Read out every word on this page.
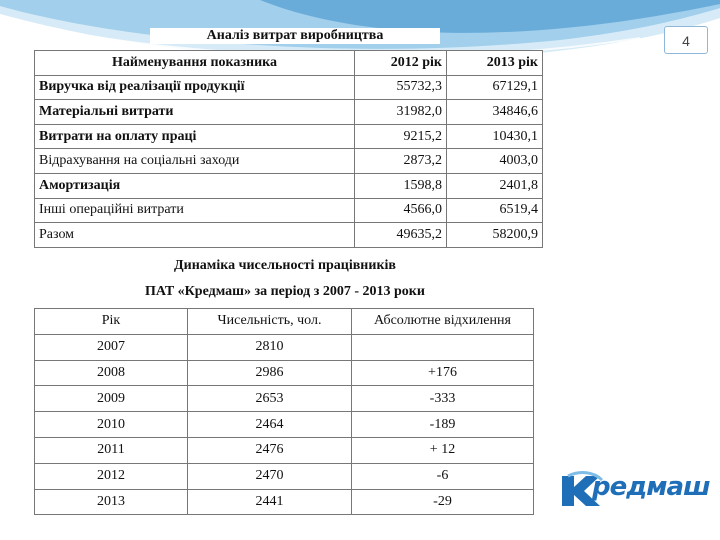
4
Аналіз витрат виробництва
Найменування показника	2012 рік	2013 рік
Виручка від реалізації продукції	55732,3	67129,1
Матеріальні витрати	31982,0	34846,6
Витрати на оплату праці	9215,2	10430,1
Відрахування на соціальні заходи	2873,2	4003,0
Амортизація	1598,8	2401,8
Інші операційні витрати	4566,0	6519,4
Разом	49635,2	58200,9
Динаміка чисельності працівників
ПАТ «Кредмаш» за період з 2007 - 2013 роки
Рік	Чисельність, чол.	Абсолютне відхилення
2007	2810	
2008	2986	+176
2009	2653	-333
2010	2464	-189
2011	2476	+ 12
2012	2470	-6
2013	2441	-29	редмаш
